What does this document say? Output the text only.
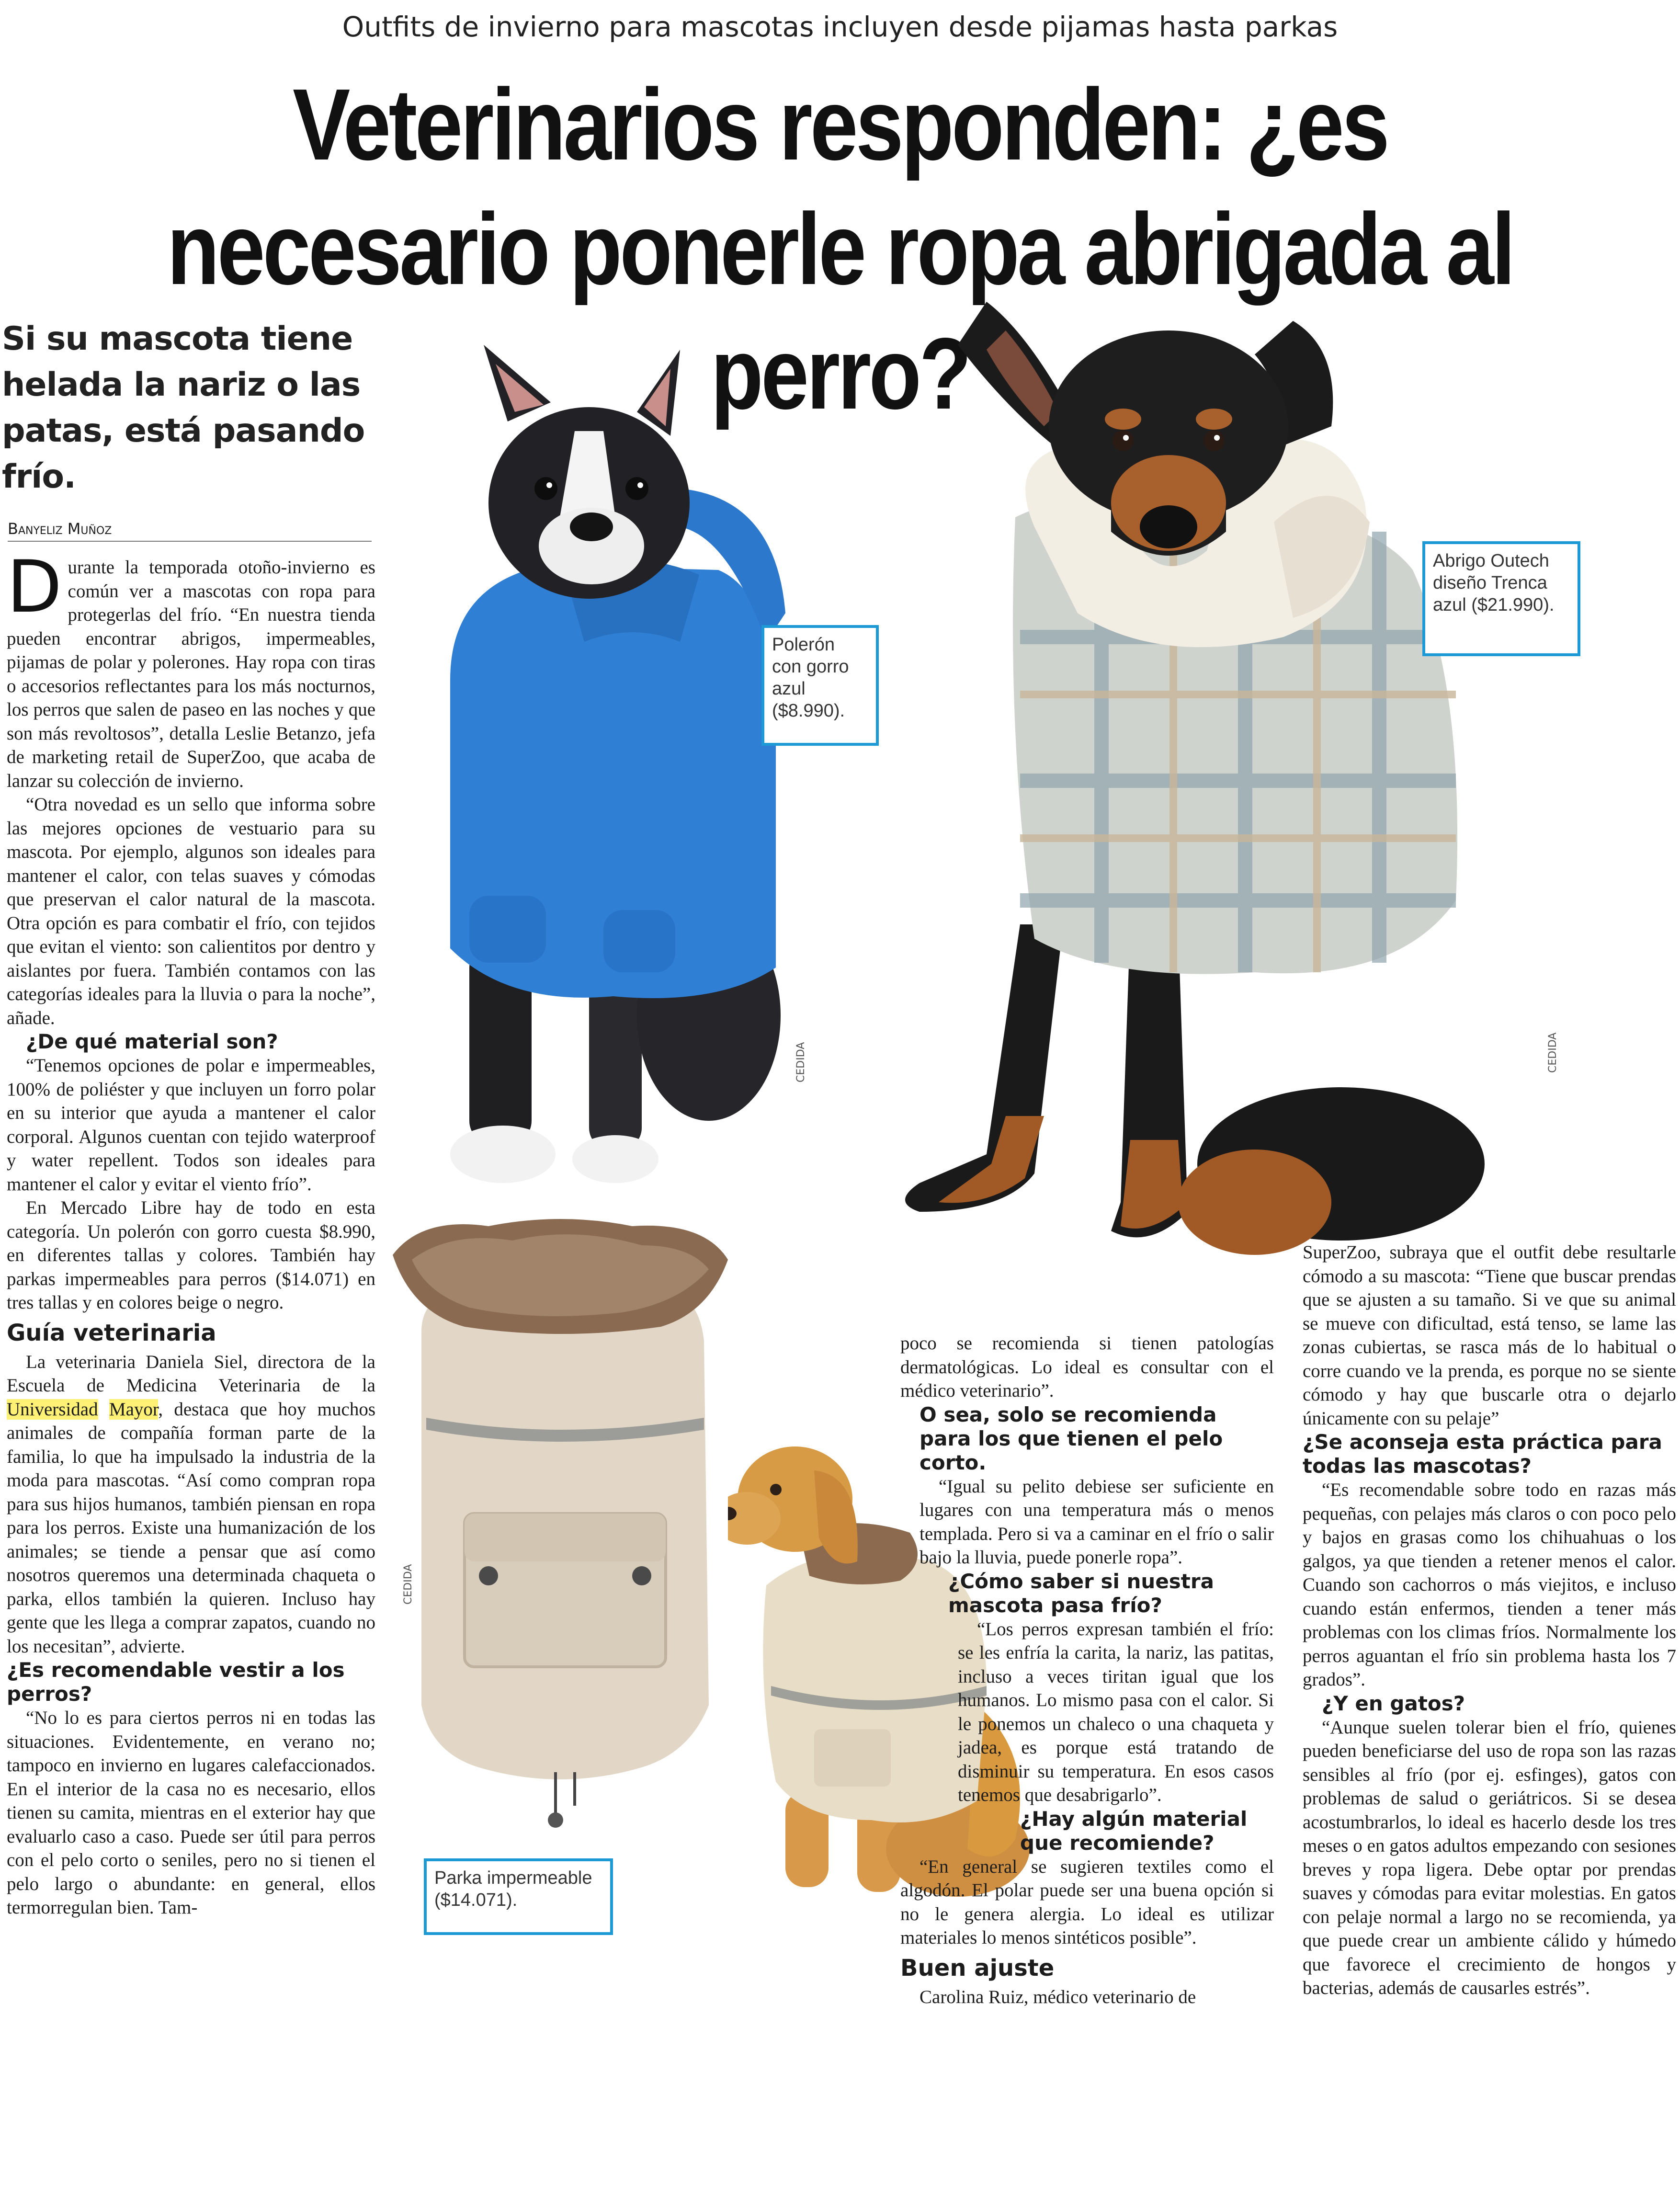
Outfits de invierno para mascotas incluyen desde pijamas hasta parkas
Veterinarios responden: ¿es necesario ponerle ropa abrigada al perro?
Si su mascota tiene helada la nariz o las patas, está pasando frío.
Banyeliz Muñoz

Durante la temporada otoño-invierno es común ver a mascotas con ropa para protegerlas del frío. “En nuestra tienda pueden encontrar abrigos, impermeables, pijamas de polar y polerones. Hay ropa con tiras o accesorios reflectantes para los más nocturnos, los perros que salen de paseo en las noches y que son más revoltosos”, detalla Leslie Betanzo, jefa de marketing retail de SuperZoo, que acaba de lanzar su colección de invierno.

“Otra novedad es un sello que informa sobre las mejores opciones de vestuario para su mascota. Por ejemplo, algunos son ideales para mantener el calor, con telas suaves y cómodas que preservan el calor natural de la mascota. Otra opción es para combatir el frío, con tejidos que evitan el viento: son calientitos por dentro y aislantes por fuera. También contamos con las categorías ideales para la lluvia o para la noche”, añade.

¿De qué material son?

“Tenemos opciones de polar e impermeables, 100% de poliéster y que incluyen un forro polar en su interior que ayuda a mantener el calor corporal. Algunos cuentan con tejido waterproof y water repellent. Todos son ideales para mantener el calor y evitar el viento frío”.

En Mercado Libre hay de todo en esta categoría. Un polerón con gorro cuesta $8.990, en diferentes tallas y colores. También hay parkas impermeables para perros ($14.071) en tres tallas y en colores beige o negro.

Guía veterinaria

La veterinaria Daniela Siel, directora de la Escuela de Medicina Veterinaria de la Universidad Mayor, destaca que hoy muchos animales de compañía forman parte de la familia, lo que ha impulsado la industria de la moda para mascotas. “Así como compran ropa para sus hijos humanos, también piensan en ropa para los perros. Existe una humanización de los animales; se tiende a pensar que así como nosotros queremos una determinada chaqueta o parka, ellos también la quieren. Incluso hay gente que les llega a comprar zapatos, cuando no los necesitan”, advierte.

¿Es recomendable vestir a los perros?

“No lo es para ciertos perros ni en todas las situaciones. Evidentemente, en verano no; tampoco en invierno en lugares calefaccionados. En el interior de la casa no es necesario, ellos tienen su camita, mientras en el exterior hay que evaluarlo caso a caso. Puede ser útil para perros con el pelo corto o seniles, pero no si tienen el pelo largo o abundante: en general, ellos termorregulan bien. Tam-

CEDIDA	CEDIDA
CEDIDA
Polerón con gorro azul ($8.990).
Abrigo Outech diseño Trenca azul ($21.990).
Parka impermeable ($14.071).

poco se recomienda si tienen patologías dermatológicas. Lo ideal es consultar con el médico veterinario”.

O sea, solo se recomienda para los que tienen el pelo corto.

“Igual su pelito debiese ser suficiente en lugares con una temperatura más o menos templada. Pero si va a caminar en el frío o salir bajo la lluvia, puede ponerle ropa”.

¿Cómo saber si nuestra mascota pasa frío?

“Los perros expresan también el frío: se les enfría la carita, la nariz, las patitas, incluso a veces tiritan igual que los humanos. Lo mismo pasa con el calor. Si le ponemos un chaleco o una chaqueta y jadea, es porque está tratando de disminuir su temperatura. En esos casos tenemos que desabrigarlo”.

¿Hay algún material que recomiende?

“En general se sugieren textiles como el algodón. El polar puede ser una buena opción si no le genera alergia. Lo ideal es utilizar materiales lo menos sintéticos posible”.

Buen ajuste

Carolina Ruiz, médico veterinario de

SuperZoo, subraya que el outfit debe resultarle cómodo a su mascota: “Tiene que buscar prendas que se ajusten a su tamaño. Si ve que su animal se mueve con dificultad, está tenso, se lame las zonas cubiertas, se rasca más de lo habitual o corre cuando ve la prenda, es porque no se siente cómodo y hay que buscarle otra o dejarlo únicamente con su pelaje”

¿Se aconseja esta práctica para todas las mascotas?

“Es recomendable sobre todo en razas más pequeñas, con pelajes más claros o con poco pelo y bajos en grasas como los chihuahuas o los galgos, ya que tienden a retener menos el calor. Cuando son cachorros o más viejitos, e incluso cuando están enfermos, tienden a tener más problemas con los climas fríos. Normalmente los perros aguantan el frío sin problema hasta los 7 grados”.

¿Y en gatos?

“Aunque suelen tolerar bien el frío, quienes pueden beneficiarse del uso de ropa son las razas sensibles al frío (por ej. esfinges), gatos con problemas de salud o geriátricos. Si se desea acostumbrarlos, lo ideal es hacerlo desde los tres meses o en gatos adultos empezando con sesiones breves y ropa ligera. Debe optar por prendas suaves y cómodas para evitar molestias. En gatos con pelaje normal a largo no se recomienda, ya que puede crear un ambiente cálido y húmedo que favorece el crecimiento de hongos y bacterias, además de causarles estrés”.
